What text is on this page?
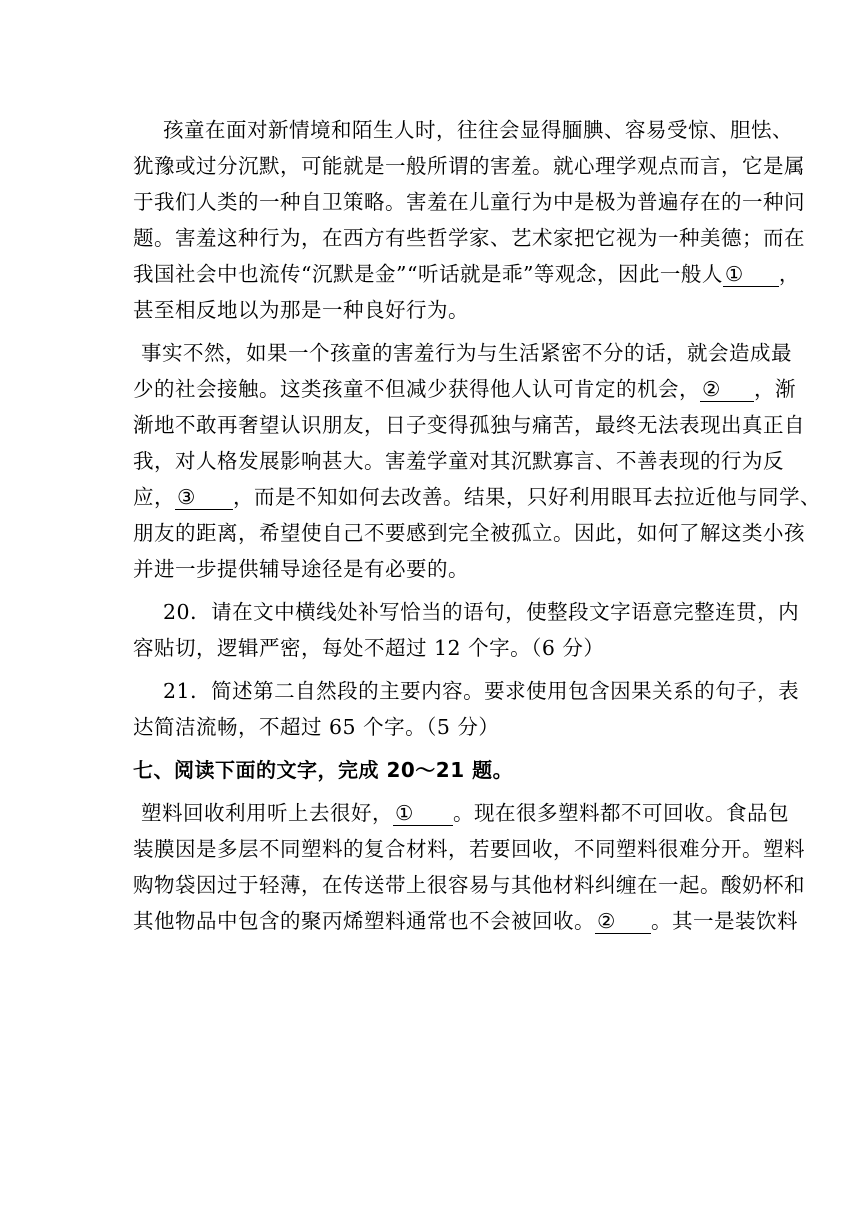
孩童在面对新情境和陌生人时，往往会显得腼腆、容易受惊、胆怯、
犹豫或过分沉默，可能就是一般所谓的害羞。就心理学观点而言，它是属
于我们人类的一种自卫策略。害羞在儿童行为中是极为普遍存在的一种问
题。害羞这种行为，在西方有些哲学家、艺术家把它视为一种美德；而在
我国社会中也流传“沉默是金”“听话就是乖”等观念，因此一般人① ，
甚至相反地以为那是一种良好行为。
事实不然，如果一个孩童的害羞行为与生活紧密不分的话，就会造成最
少的社会接触。这类孩童不但减少获得他人认可肯定的机会，② ，渐
渐地不敢再奢望认识朋友，日子变得孤独与痛苦，最终无法表现出真正自
我，对人格发展影响甚大。害羞学童对其沉默寡言、不善表现的行为反
应，③ ，而是不知如何去改善。结果，只好利用眼耳去拉近他与同学、
朋友的距离，希望使自己不要感到完全被孤立。因此，如何了解这类小孩
并进一步提供辅导途径是有必要的。
20．请在文中横线处补写恰当的语句，使整段文字语意完整连贯，内
容贴切，逻辑严密，每处不超过 12 个字。（6 分）
21．简述第二自然段的主要内容。要求使用包含因果关系的句子，表
达简洁流畅，不超过 65 个字。（5 分）
七、阅读下面的文字，完成 20～21 题。
塑料回收利用听上去很好，① 。现在很多塑料都不可回收。食品包
装膜因是多层不同塑料的复合材料，若要回收，不同塑料很难分开。塑料
购物袋因过于轻薄，在传送带上很容易与其他材料纠缠在一起。酸奶杯和
其他物品中包含的聚丙烯塑料通常也不会被回收。② 。其一是装饮料
